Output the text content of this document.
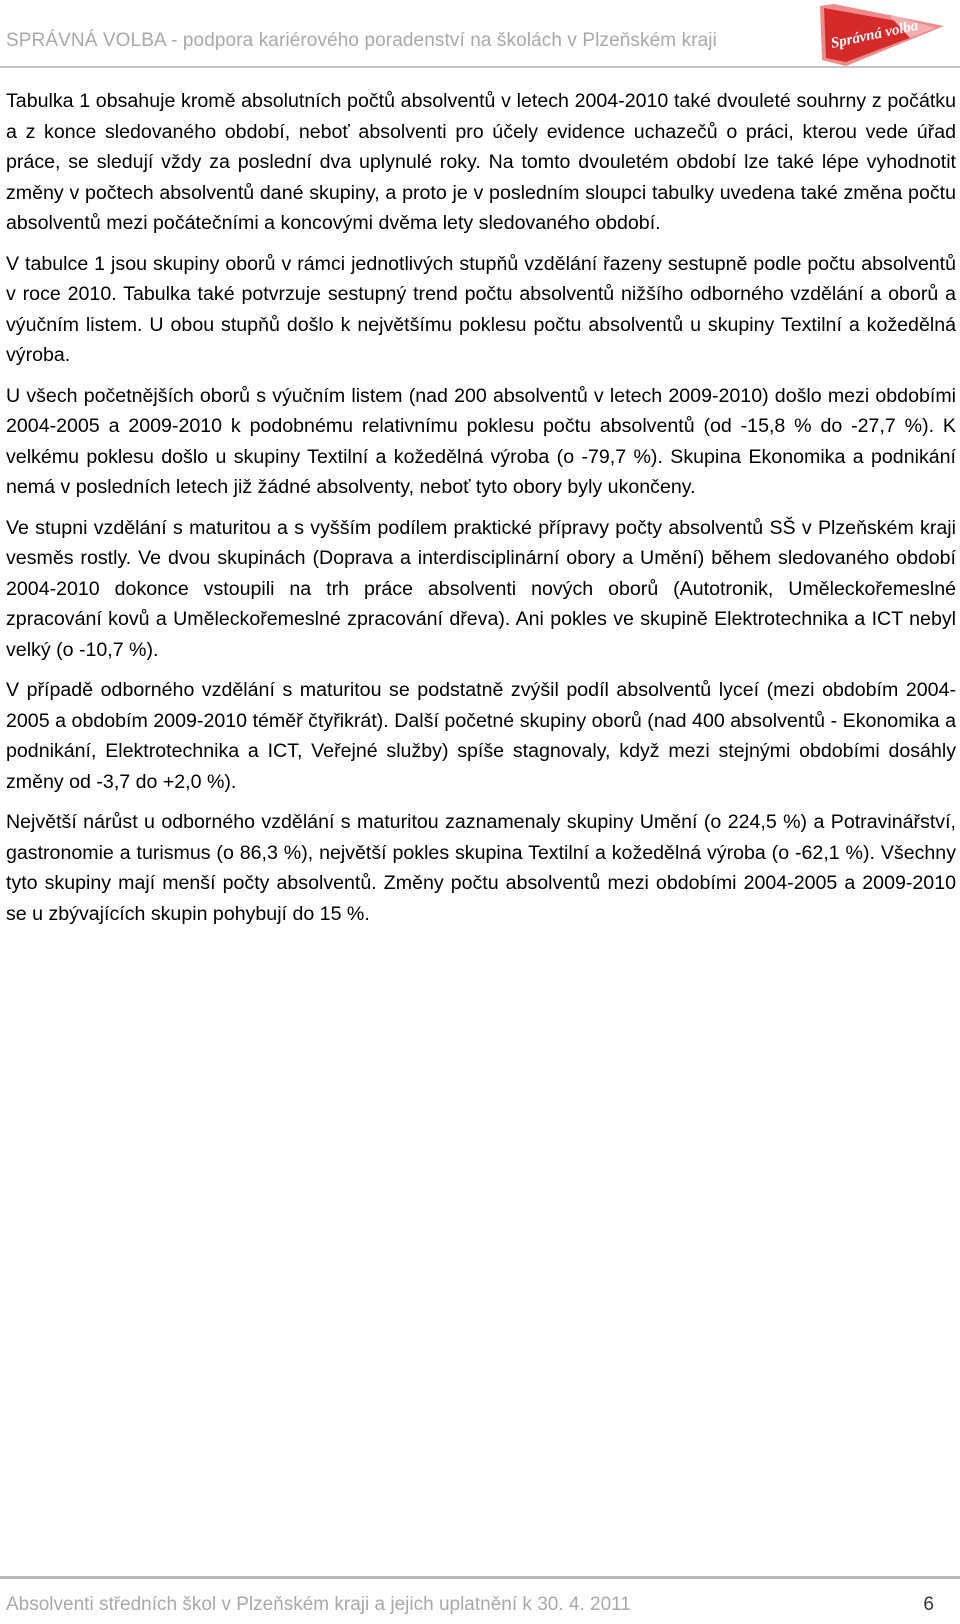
SPRÁVNÁ VOLBA - podpora kariérového poradenství na školách v Plzeňském kraji	Správná volba

Tabulka 1 obsahuje kromě absolutních počtů absolventů v letech 2004-2010 také dvouleté souhrny z počátku a z konce sledovaného období, neboť absolventi pro účely evidence uchazečů o práci, kterou vede úřad práce, se sledují vždy za poslední dva uplynulé roky. Na tomto dvouletém období lze také lépe vyhodnotit změny v počtech absolventů dané skupiny, a proto je v posledním sloupci tabulky uvedena také změna počtu absolventů mezi počátečními a koncovými dvěma lety sledovaného období.

V tabulce 1 jsou skupiny oborů v rámci jednotlivých stupňů vzdělání řazeny sestupně podle počtu absolventů v roce 2010. Tabulka také potvrzuje sestupný trend počtu absolventů nižšího odborného vzdělání a oborů a výučním listem. U obou stupňů došlo k největšímu poklesu počtu absolventů u skupiny Textilní a kožedělná výroba.

U všech početnějších oborů s výučním listem (nad 200 absolventů v letech 2009-2010) došlo mezi obdobími 2004-2005 a 2009-2010 k podobnému relativnímu poklesu počtu absolventů (od -15,8 % do -27,7 %). K velkému poklesu došlo u skupiny Textilní a kožedělná výroba (o -79,7 %). Skupina Ekonomika a podnikání nemá v posledních letech již žádné absolventy, neboť tyto obory byly ukončeny.

Ve stupni vzdělání s maturitou a s vyšším podílem praktické přípravy počty absolventů SŠ v Plzeňském kraji vesměs rostly. Ve dvou skupinách (Doprava a interdisciplinární obory a Umění) během sledovaného období 2004-2010 dokonce vstoupili na trh práce absolventi nových oborů (Autotronik, Uměleckořemeslné zpracování kovů a Uměleckořemeslné zpracování dřeva). Ani pokles ve skupině Elektrotechnika a ICT nebyl velký (o -10,7 %).

V případě odborného vzdělání s maturitou se podstatně zvýšil podíl absolventů lyceí (mezi obdobím 2004-2005 a obdobím 2009-2010 téměř čtyřikrát). Další početné skupiny oborů (nad 400 absolventů - Ekonomika a podnikání, Elektrotechnika a ICT, Veřejné služby) spíše stagnovaly, když mezi stejnými obdobími dosáhly změny od -3,7 do +2,0 %).

Největší nárůst u odborného vzdělání s maturitou zaznamenaly skupiny Umění (o 224,5 %) a Potravinářství, gastronomie a turismus (o 86,3 %), největší pokles skupina Textilní a kožedělná výroba (o -62,1 %). Všechny tyto skupiny mají menší počty absolventů. Změny počtu absolventů mezi obdobími 2004-2005 a 2009-2010 se u zbývajících skupin pohybují do 15 %.

Absolventi středních škol v Plzeňském kraji a jejich uplatnění k 30. 4. 2011	6
